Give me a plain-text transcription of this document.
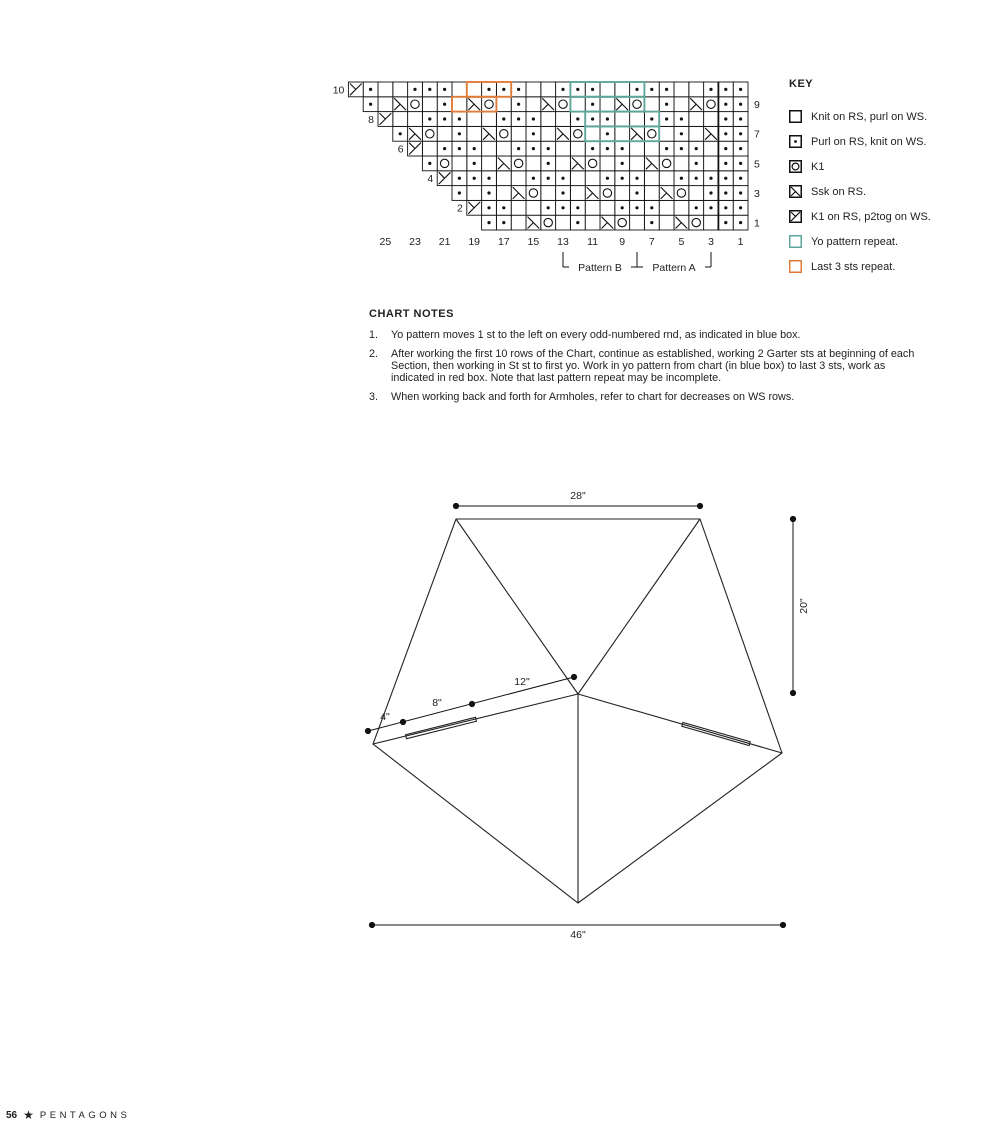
1
2
3
4
5
6
7
8
9
10
25 23 21 19 17 15 13 11 9 7 5 3 1
Pattern B	Pattern A
KEY
Knit on RS, purl on WS.
Purl on RS, knit on WS.
K1
Ssk on RS.
K1 on RS, p2tog on WS.
Yo pattern repeat.
Last 3 sts repeat.
CHART NOTES
1.	Yo pattern moves 1 st to the left on every odd-numbered rnd, as indicated in blue box.
2.	After working the first 10 rows of the Chart, continue as established, working 2 Garter sts at beginning of each Section, then working in St st to first yo. Work in yo pattern from chart (in blue box) to last 3 sts, work as indicated in red box. Note that last pattern repeat may be incomplete.
3.	When working back and forth for Armholes, refer to chart for decreases on WS rows.
28"
20"
4"
8"
12"
46"
56 ★ PENTAGONS
